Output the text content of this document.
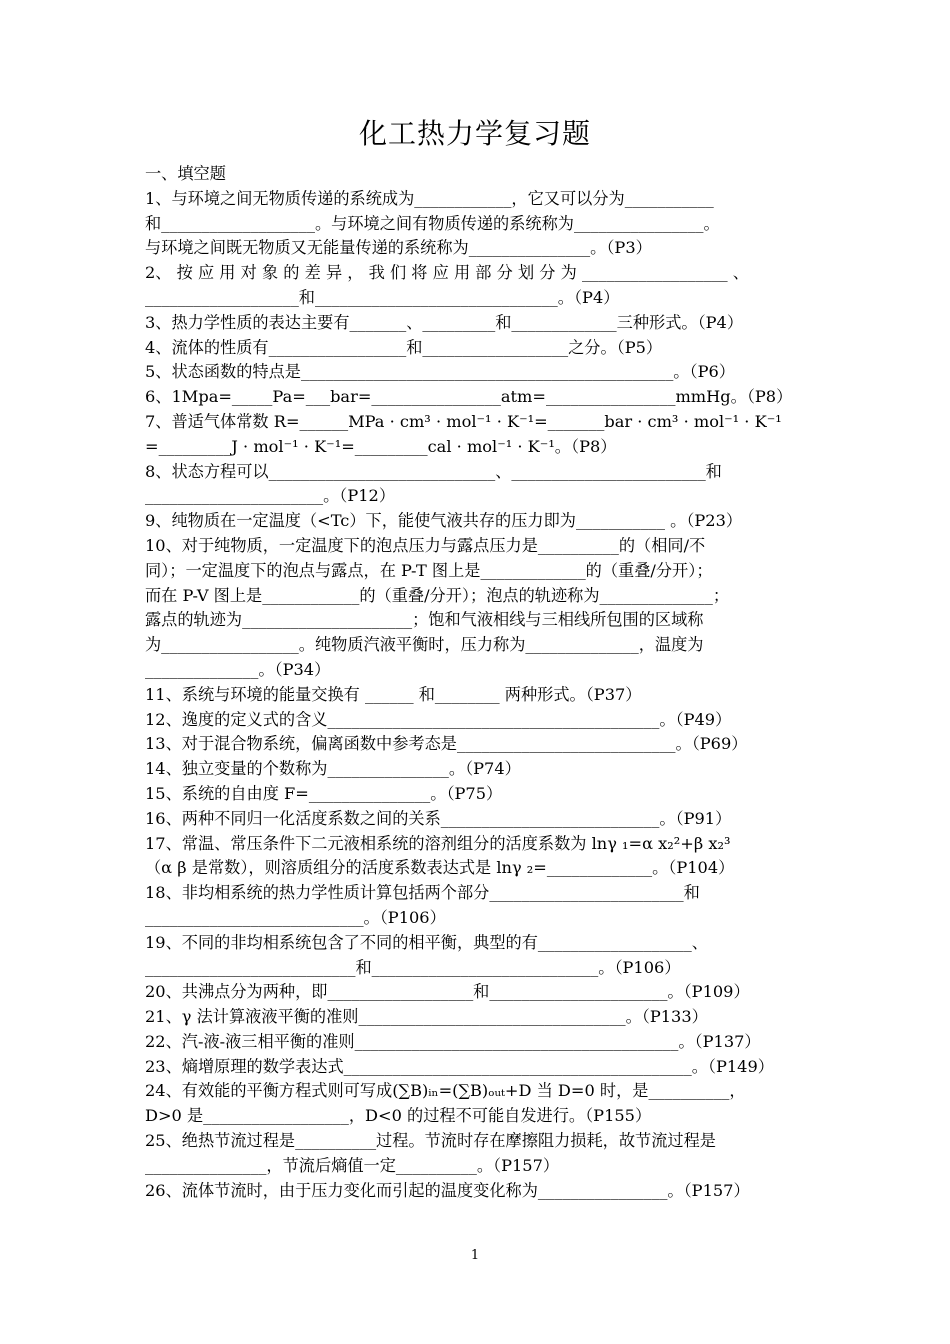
化工热力学复习题
一、填空题
1、与环境之间无物质传递的系统成为____________，它又可以分为___________
和___________________。与环境之间有物质传递的系统称为________________。
与环境之间既无物质又无能量传递的系统称为_______________。（P3）
2、 按 应 用 对 象 的 差 异 ， 我 们 将 应 用 部 分 划 分 为 __________________ 、
___________________和______________________________。（P4）
3、热力学性质的表达主要有_______、_________和_____________三种形式。（P4）
4、流体的性质有_________________和__________________之分。（P5）
5、状态函数的特点是______________________________________________。（P6）
6、1Mpa=_____Pa=___bar=________________atm=________________mmHg。（P8）
7、普适气体常数 R=______MPa · cm³ · mol⁻¹ · K⁻¹=_______bar · cm³ · mol⁻¹ · K⁻¹
=_________J · mol⁻¹ · K⁻¹=_________cal · mol⁻¹ · K⁻¹。（P8）
8、状态方程可以____________________________、________________________和
______________________。（P12）
9、纯物质在一定温度（<Tc）下，能使气液共存的压力即为___________ 。（P23）
10、对于纯物质，一定温度下的泡点压力与露点压力是__________的（相同/不
同）；一定温度下的泡点与露点，在 P-T 图上是_____________的（重叠/分开）；
而在 P-V 图上是____________的（重叠/分开）；泡点的轨迹称为______________；
露点的轨迹为_____________________；饱和气液相线与三相线所包围的区域称
为_________________。纯物质汽液平衡时，压力称为______________，温度为
______________。（P34）
11、系统与环境的能量交换有 ______ 和________ 两种形式。（P37）
12、逸度的定义式的含义_________________________________________。（P49）
13、对于混合物系统，偏离函数中参考态是___________________________。（P69）
14、独立变量的个数称为_______________。（P74）
15、系统的自由度 F=_______________。（P75）
16、两种不同归一化活度系数之间的关系___________________________。（P91）
17、常温、常压条件下二元液相系统的溶剂组分的活度系数为 lnγ ₁=α x₂²+β x₂³
（α β 是常数），则溶质组分的活度系数表达式是 lnγ ₂=_____________。（P104）
18、非均相系统的热力学性质计算包括两个部分________________________和
___________________________。（P106）
19、不同的非均相系统包含了不同的相平衡，典型的有___________________、
__________________________和____________________________。（P106）
20、共沸点分为两种，即__________________和______________________。（P109）
21、γ 法计算液液平衡的准则_________________________________。（P133）
22、汽-液-液三相平衡的准则________________________________________。（P137）
23、熵增原理的数学表达式___________________________________________。（P149）
24、有效能的平衡方程式则可写成(∑B)ᵢₙ=(∑B)ₒᵤₜ+D 当 D=0 时，是__________，
D>0 是__________________，D<0 的过程不可能自发进行。（P155）
25、绝热节流过程是__________过程。节流时存在摩擦阻力损耗，故节流过程是
_______________，节流后熵值一定__________。（P157）
26、流体节流时，由于压力变化而引起的温度变化称为________________。（P157）
1
